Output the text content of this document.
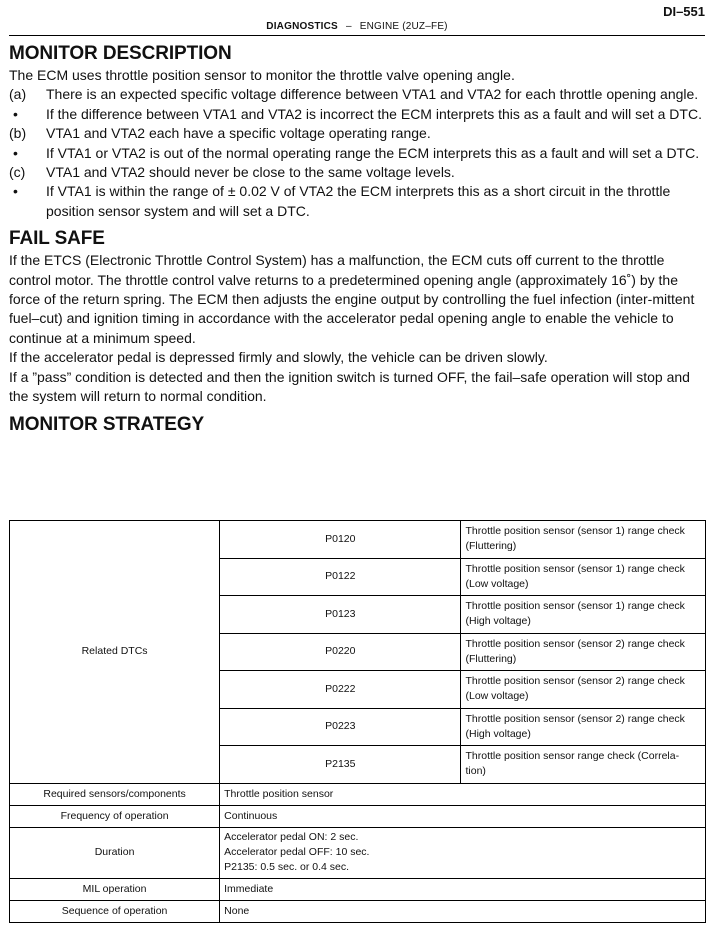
DI–551
DIAGNOSTICS – ENGINE (2UZ–FE)
MONITOR DESCRIPTION

The ECM uses throttle position sensor to monitor the throttle valve opening angle.

(a)	There is an expected specific voltage difference between VTA1 and VTA2 for each throttle opening angle.
•	If the difference between VTA1 and VTA2 is incorrect the ECM interprets this as a fault and will set a DTC.
(b)	VTA1 and VTA2 each have a specific voltage operating range.
•	If VTA1 or VTA2 is out of the normal operating range the ECM interprets this as a fault and will set a DTC.
(c)	VTA1 and VTA2 should never be close to the same voltage levels.
•	If VTA1 is within the range of ± 0.02 V of VTA2 the ECM interprets this as a short circuit in the throttle position sensor system and will set a DTC.
FAIL SAFE

If the ETCS (Electronic Throttle Control System) has a malfunction, the ECM cuts off current to the throttle control motor. The throttle control valve returns to a predetermined opening angle (approximately 16˚) by the force of the return spring. The ECM then adjusts the engine output by controlling the fuel infection (inter-mittent fuel–cut) and ignition timing in accordance with the accelerator pedal opening angle to enable the vehicle to continue at a minimum speed.

If the accelerator pedal is depressed firmly and slowly, the vehicle can be driven slowly.

If a ”pass” condition is detected and then the ignition switch is turned OFF, the fail–safe operation will stop and the system will return to normal condition.

MONITOR STRATEGY
Related DTCs	P0120	Throttle position sensor (sensor 1) range check
(Fluttering)
	P0122	Throttle position sensor (sensor 1) range check
(Low voltage)
	P0123	Throttle position sensor (sensor 1) range check
(High voltage)
	P0220	Throttle position sensor (sensor 2) range check
(Fluttering)
	P0222	Throttle position sensor (sensor 2) range check
(Low voltage)
	P0223	Throttle position sensor (sensor 2) range check
(High voltage)
	P2135	Throttle position sensor range check (Correla-
tion)
Required sensors/components	Throttle position sensor	
Frequency of operation	Continuous	
Duration	Accelerator pedal ON: 2 sec.
Accelerator pedal OFF: 10 sec.
P2135: 0.5 sec. or 0.4 sec.	
MIL operation	Immediate	
Sequence of operation	None	
